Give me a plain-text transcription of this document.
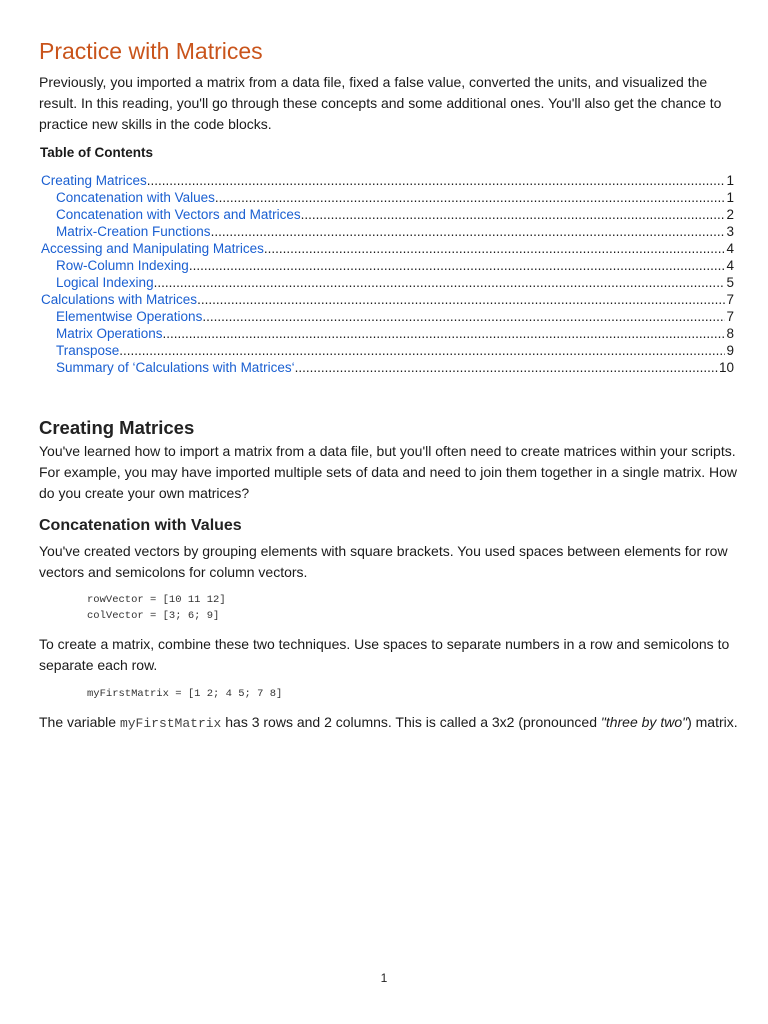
Practice with Matrices

Previously, you imported a matrix from a data file, fixed a false value, converted the units, and visualized the result. In this reading, you'll go through these concepts and some additional ones. You'll also get the chance to practice new skills in the code blocks.

Table of Contents
Creating Matrices .....	1
Concatenation with Values .....	1
Concatenation with Vectors and Matrices .....	2
Matrix-Creation Functions .....	3
Accessing and Manipulating Matrices .....	4
Row-Column Indexing .....	4
Logical Indexing .....	5
Calculations with Matrices .....	7
Elementwise Operations .....	7
Matrix Operations .....	8
Transpose .....	9
Summary of ‘Calculations with Matrices‘ .....	10
Creating Matrices

You've learned how to import a matrix from a data file, but you'll often need to create matrices within your scripts. For example, you may have imported multiple sets of data and need to join them together in a single matrix. How do you create your own matrices?

Concatenation with Values

You've created vectors by grouping elements with square brackets. You used spaces between elements for row vectors and semicolons for column vectors.

rowVector = [10 11 12]
colVector = [3; 6; 9]

To create a matrix, combine these two techniques. Use spaces to separate numbers in a row and semicolons to separate each row.

myFirstMatrix = [1 2; 4 5; 7 8]

The variable myFirstMatrix has 3 rows and 2 columns. This is called a 3x2 (pronounced "three by two") matrix.

1
